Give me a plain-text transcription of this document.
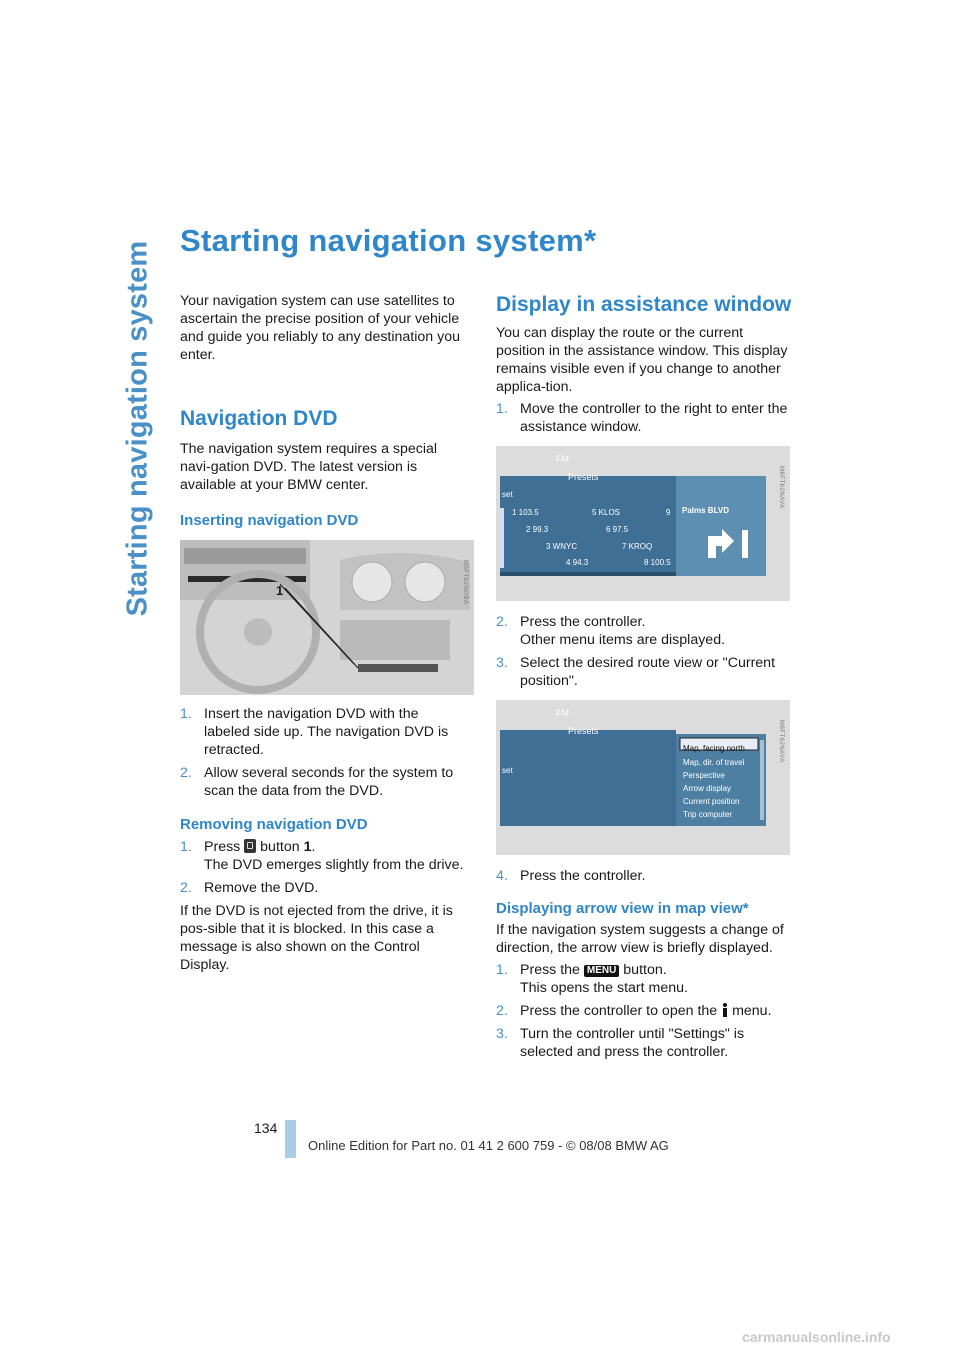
Starting navigation system Starting navigation system*

Your navigation system can use satellites to ascertain the precise position of your vehicle and guide you reliably to any destination you enter.

Navigation DVD

The navigation system requires a special navi-gation DVD. The latest version is available at your BMW center.

Inserting navigation DVD
1	M5FT62NOBA
1. Insert the navigation DVD with the labeled side up. The navigation DVD is retracted.
2. Allow several seconds for the system to scan the data from the DVD.
Removing navigation DVD
1. Press button 1.
The DVD emerges slightly from the drive.
2. Remove the DVD.

If the DVD is not ejected from the drive, it is pos-sible that it is blocked. In this case a message is also shown on the Control Display.

Display in assistance window

You can display the route or the current position in the assistance window. This display remains visible even if you change to another applica-tion.

1. Move the controller to the right to enter the assistance window.
FM
Presets
set
1 103.5	5 KLOS	9
2 99.3	6 97.5
3 WNYC	7 KROQ
4 94.3	8 100.5
Palms BLVD
M6FT62NAVA
2. Press the controller.
Other menu items are displayed.
3. Select the desired route view or "Current position".
FM
Presets
set
Map, facing north
Map, dir. of travel
Perspective
Arrow display
Current position
Trip computer
M6FT62NAVA
4. Press the controller.
Displaying arrow view in map view*

If the navigation system suggests a change of direction, the arrow view is briefly displayed.

1. Press the MENU button.
This opens the start menu.
2. Press the controller to open the menu.
3. Turn the controller until "Settings" is selected and press the controller.
134
Online Edition for Part no. 01 41 2 600 759 - © 08/08 BMW AG
carmanualsonline.info
